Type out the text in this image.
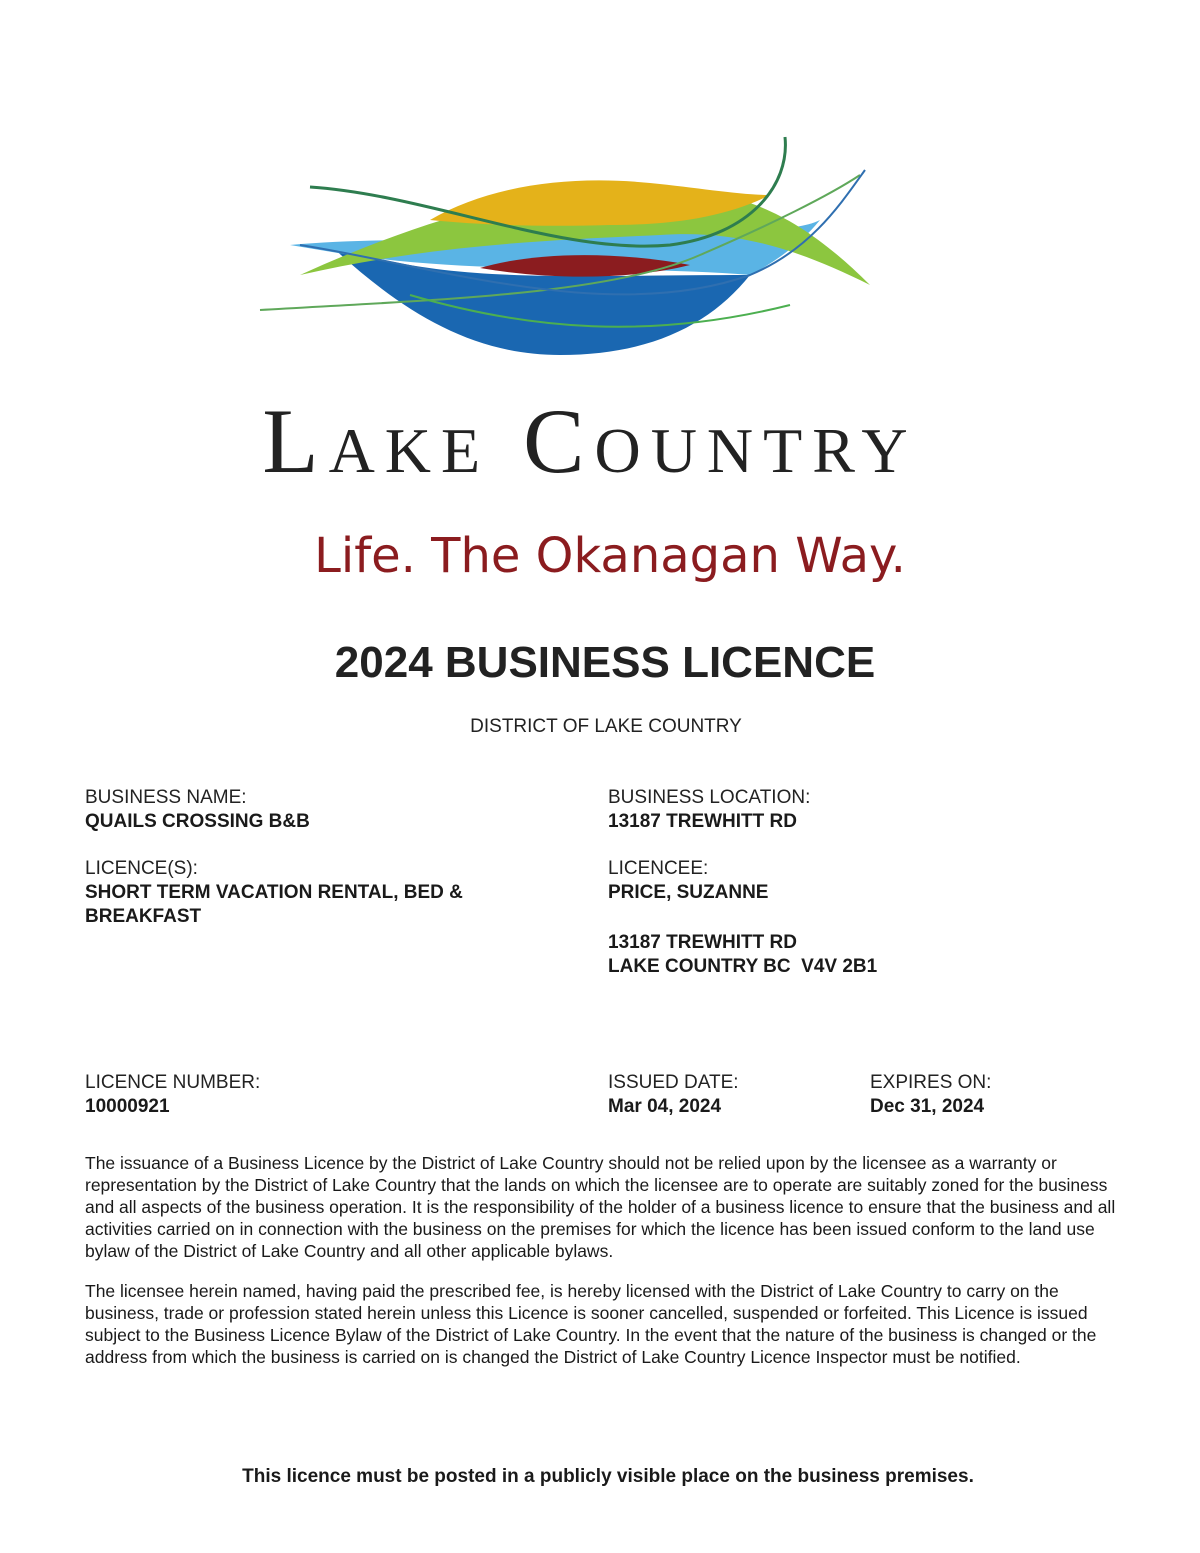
Lake Country
Life. The Okanagan Way.
2024 BUSINESS LICENCE
DISTRICT OF LAKE COUNTRY
BUSINESS NAME:
QUAILS CROSSING B&B
BUSINESS LOCATION:
13187 TREWHITT RD
LICENCE(S):
SHORT TERM VACATION RENTAL, BED & BREAKFAST
LICENCEE:
PRICE, SUZANNE
13187 TREWHITT RD
LAKE COUNTRY BC  V4V 2B1
LICENCE NUMBER:
10000921
ISSUED DATE:
Mar 04, 2024
EXPIRES ON:
Dec 31, 2024
The issuance of a Business Licence by the District of Lake Country should not be relied upon by the licensee as a warranty or representation by the District of Lake Country that the lands on which the licensee are to operate are suitably zoned for the business and all aspects of the business operation. It is the responsibility of the holder of a business licence to ensure that the business and all activities carried on in connection with the business on the premises for which the licence has been issued conform to the land use bylaw of the District of Lake Country and all other applicable bylaws.
The licensee herein named, having paid the prescribed fee, is hereby licensed with the District of Lake Country to carry on the business, trade or profession stated herein unless this Licence is sooner cancelled, suspended or forfeited. This Licence is issued subject to the Business Licence Bylaw of the District of Lake Country. In the event that the nature of the business is changed or the address from which the business is carried on is changed the District of Lake Country Licence Inspector must be notified.
This licence must be posted in a publicly visible place on the business premises.
